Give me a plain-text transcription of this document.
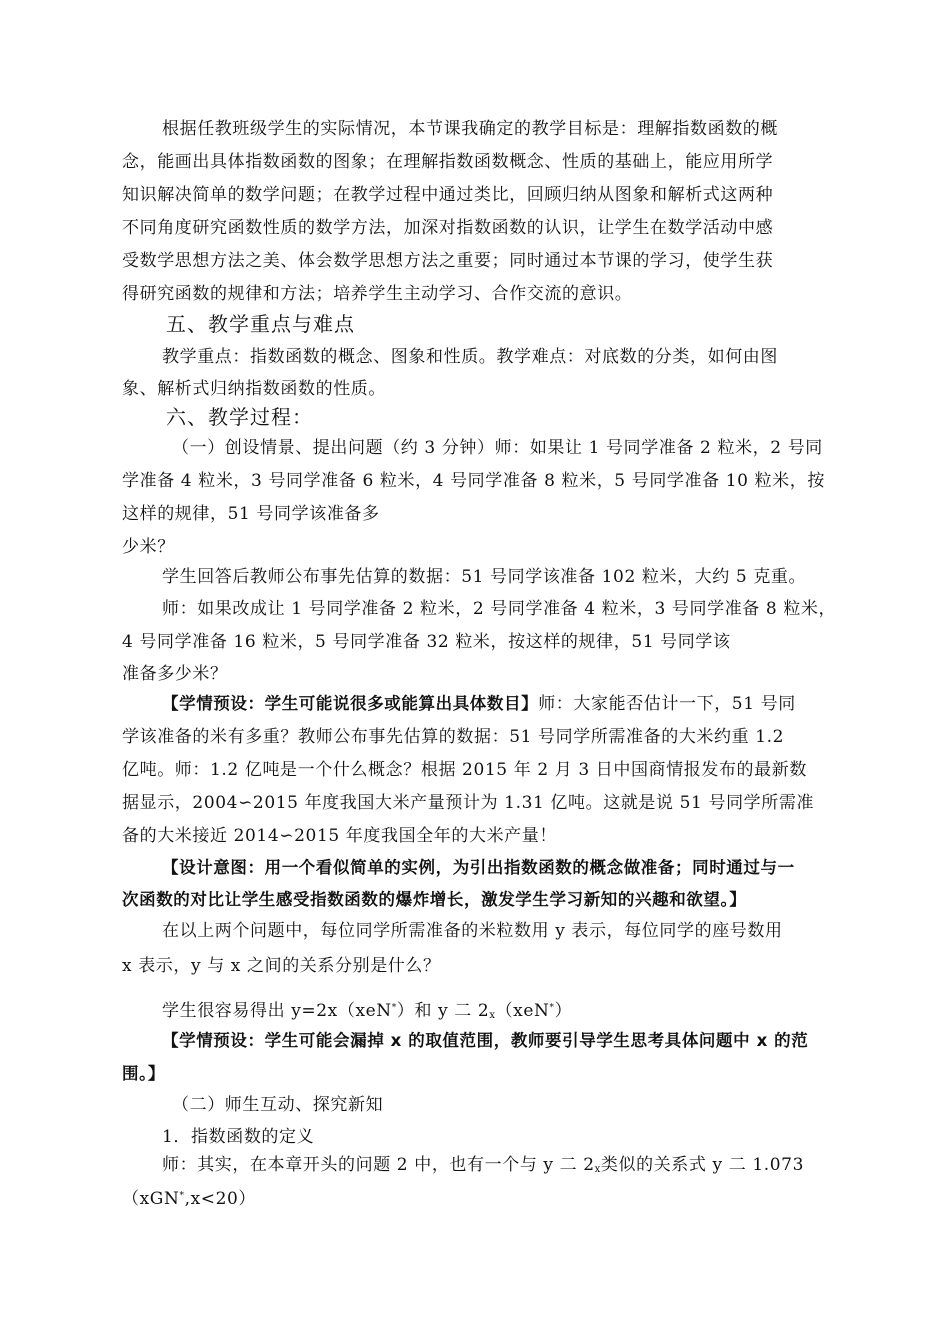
根据任教班级学生的实际情况，本节课我确定的教学目标是：理解指数函数的概
念，能画出具体指数函数的图象；在理解指数函数概念、性质的基础上，能应用所学
知识解决简单的数学问题；在教学过程中通过类比，回顾归纳从图象和解析式这两种
不同角度研究函数性质的数学方法，加深对指数函数的认识，让学生在数学活动中感
受数学思想方法之美、体会数学思想方法之重要；同时通过本节课的学习，使学生获
得研究函数的规律和方法；培养学生主动学习、合作交流的意识。
五、教学重点与难点
教学重点：指数函数的概念、图象和性质。教学难点：对底数的分类，如何由图
象、解析式归纳指数函数的性质。
六、教学过程：
（一）创设情景、提出问题（约 3 分钟）师：如果让 1 号同学准备 2 粒米，2 号同
学准备 4 粒米，3 号同学准备 6 粒米，4 号同学准备 8 粒米，5 号同学准备 10 粒米，按
这样的规律，51 号同学该准备多
少米？
学生回答后教师公布事先估算的数据：51 号同学该准备 102 粒米，大约 5 克重。
师：如果改成让 1 号同学准备 2 粒米，2 号同学准备 4 粒米，3 号同学准备 8 粒米，
4 号同学准备 16 粒米，5 号同学准备 32 粒米，按这样的规律，51 号同学该
准备多少米？
【学情预设：学生可能说很多或能算出具体数目】师：大家能否估计一下，51 号同
学该准备的米有多重？教师公布事先估算的数据：51 号同学所需准备的大米约重 1.2
亿吨。师：1.2 亿吨是一个什么概念？根据 2015 年 2 月 3 日中国商情报发布的最新数
据显示，2004∽2015 年度我国大米产量预计为 1.31 亿吨。这就是说 51 号同学所需准
备的大米接近 2014∽2015 年度我国全年的大米产量！
【设计意图：用一个看似简单的实例，为引出指数函数的概念做准备；同时通过与一
次函数的对比让学生感受指数函数的爆炸增长，激发学生学习新知的兴趣和欲望。】
在以上两个问题中，每位同学所需准备的米粒数用 y 表示，每位同学的座号数用
x 表示，y 与 x 之间的关系分别是什么？
学生很容易得出 y=2x（xeN*）和 y 二 $2_x(xeN^*)$
【学情预设：学生可能会漏掉 x 的取值范围，教师要引导学生思考具体问题中 x 的范
围。】
（二）师生互动、探究新知
1．指数函数的定义
师：其实，在本章开头的问题 2 中，也有一个与 y 二 $2_x$类似的关系式 y 二 1.073
（xGN*,x<20）
